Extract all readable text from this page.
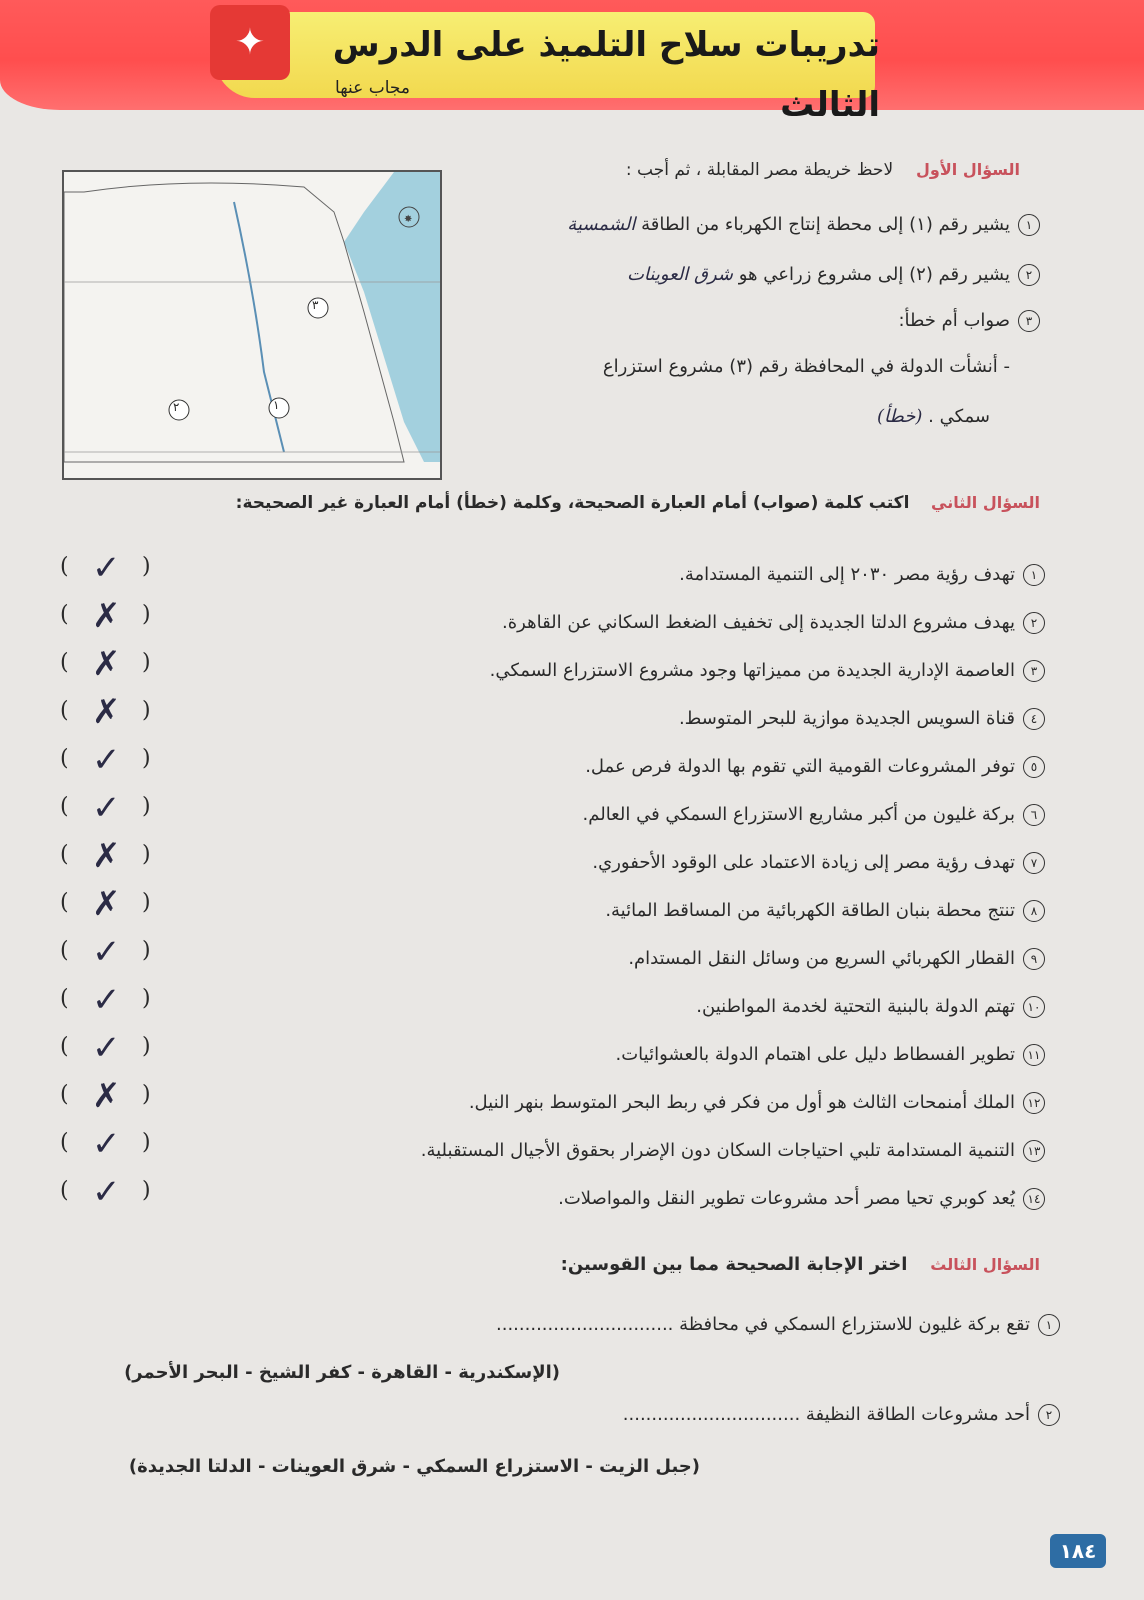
تدريبات سلاح التلميذ على الدرس الثالث
✦
مجاب عنها
السؤال الأول    لاحظ خريطة مصر المقابلة ، ثم أجب :
✸
٣
٢	١
١يشير رقم (١) إلى محطة إنتاج الكهرباء من الطاقة الشمسية
٢يشير رقم (٢) إلى مشروع زراعي هو شرق العوينات
٣صواب أم خطأ:
- أنشأت الدولة في المحافظة رقم (٣) مشروع استزراع
سمكي . (خطأ)
السؤال الثاني    اكتب كلمة (صواب) أمام العبارة الصحيحة، وكلمة (خطأ) أمام العبارة غير الصحيحة:
١تهدف رؤية مصر ٢٠٣٠ إلى التنمية المستدامة.
( ✓ )
٢يهدف مشروع الدلتا الجديدة إلى تخفيف الضغط السكاني عن القاهرة.
( ✗ )
٣العاصمة الإدارية الجديدة من مميزاتها وجود مشروع الاستزراع السمكي.
( ✗ )
٤قناة السويس الجديدة موازية للبحر المتوسط.
( ✗ )
٥توفر المشروعات القومية التي تقوم بها الدولة فرص عمل.
( ✓ )
٦بركة غليون من أكبر مشاريع الاستزراع السمكي في العالم.
( ✓ )
٧تهدف رؤية مصر إلى زيادة الاعتماد على الوقود الأحفوري.
( ✗ )
٨تنتج محطة بنبان الطاقة الكهربائية من المساقط المائية.
( ✗ )
٩القطار الكهربائي السريع من وسائل النقل المستدام.
( ✓ )
١٠تهتم الدولة بالبنية التحتية لخدمة المواطنين.
( ✓ )
١١تطوير الفسطاط دليل على اهتمام الدولة بالعشوائيات.
( ✓ )
١٢الملك أمنمحات الثالث هو أول من فكر في ربط البحر المتوسط بنهر النيل.
( ✗ )
١٣التنمية المستدامة تلبي احتياجات السكان دون الإضرار بحقوق الأجيال المستقبلية.
( ✓ )
١٤يُعد كوبري تحيا مصر أحد مشروعات تطوير النقل والمواصلات.
( ✓ )
السؤال الثالث    اختر الإجابة الصحيحة مما بين القوسين:
١تقع بركة غليون للاستزراع السمكي في محافظة ...............................
(الإسكندرية - القاهرة - كفر الشيخ - البحر الأحمر)
٢أحد مشروعات الطاقة النظيفة ...............................
(جبل الزيت - الاستزراع السمكي - شرق العوينات - الدلتا الجديدة)
١٨٤
